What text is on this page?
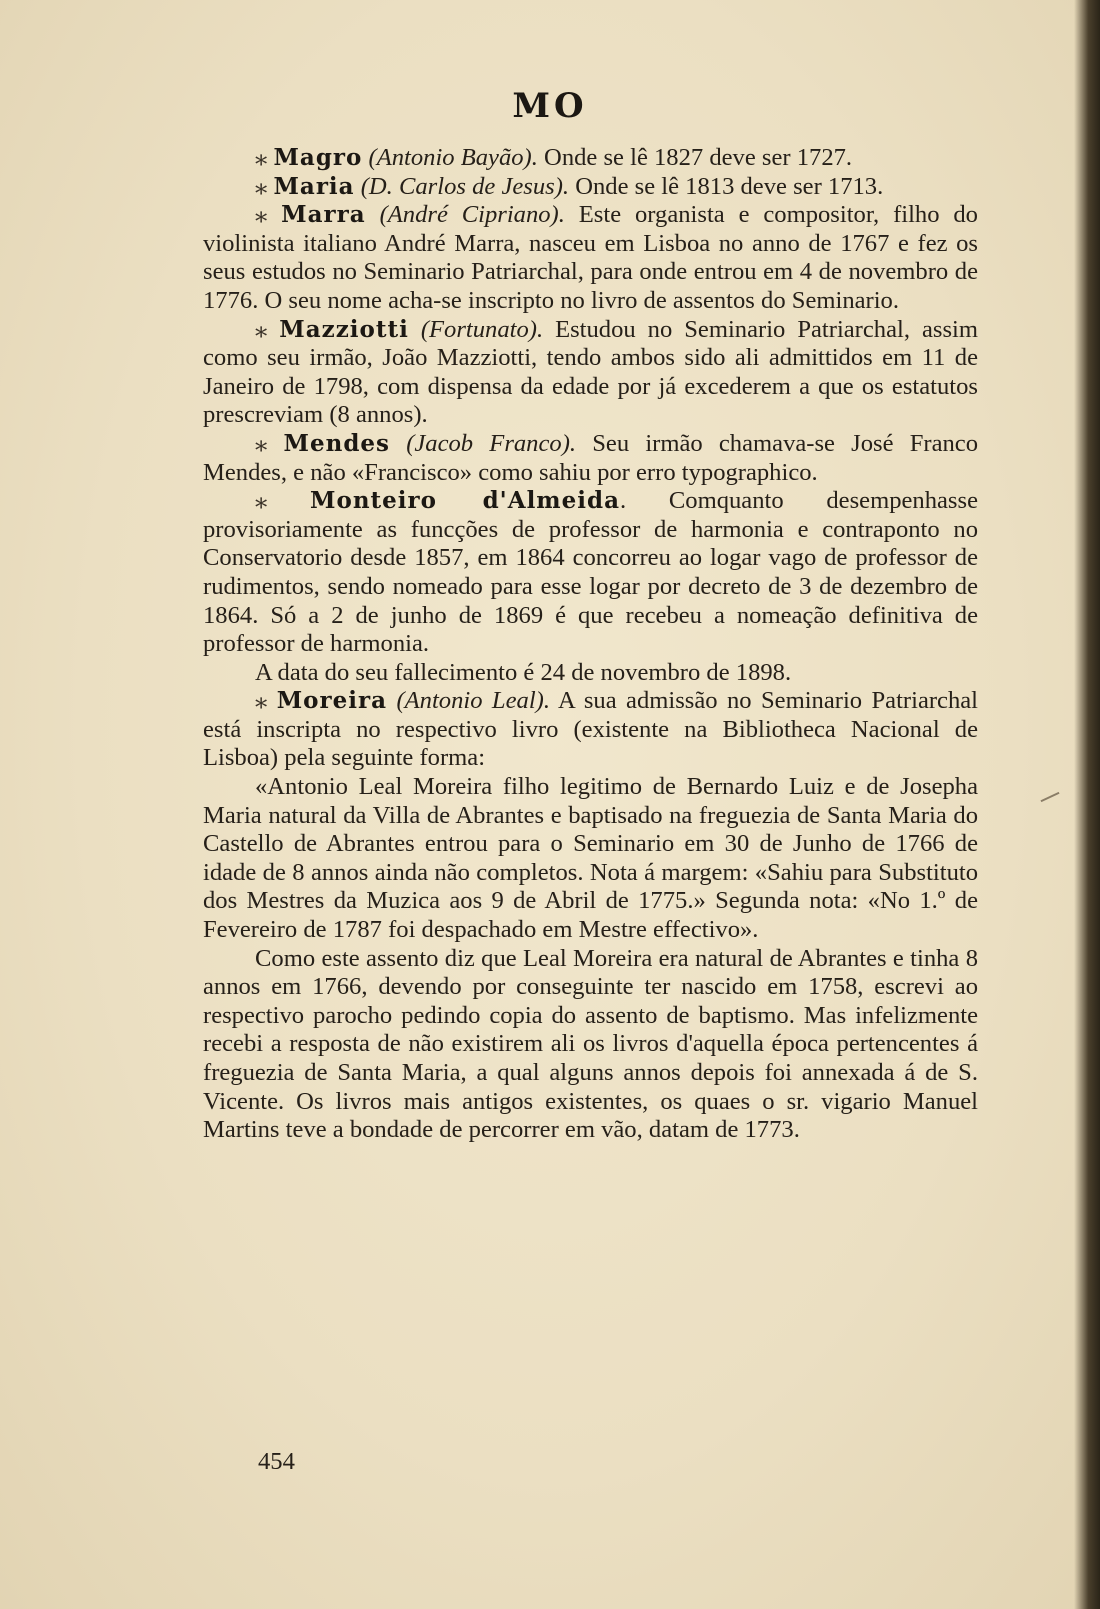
MO

⁎ Magro (Antonio Bayão). Onde se lê 1827 deve ser 1727.

⁎ Maria (D. Carlos de Jesus). Onde se lê 1813 deve ser 1713.

⁎ Marra (André Cipriano). Este organista e compositor, filho do violinista italiano André Marra, nasceu em Lisboa no anno de 1767 e fez os seus estudos no Seminario Patriarchal, para onde entrou em 4 de novembro de 1776. O seu nome acha-se inscripto no livro de assentos do Seminario.

⁎ Mazziotti (Fortunato). Estudou no Seminario Patriarchal, assim como seu irmão, João Mazziotti, tendo ambos sido ali admittidos em 11 de Janeiro de 1798, com dispensa da edade por já excederem a que os estatutos prescreviam (8 annos).

⁎ Mendes (Jacob Franco). Seu irmão chamava-se José Franco Mendes, e não «Francisco» como sahiu por erro typographico.

⁎ Monteiro d'Almeida. Comquanto desempenhasse provisoriamente as funcções de professor de harmonia e contraponto no Conservatorio desde 1857, em 1864 concorreu ao logar vago de professor de rudimentos, sendo nomeado para esse logar por decreto de 3 de dezembro de 1864. Só a 2 de junho de 1869 é que recebeu a nomeação definitiva de professor de harmonia.

A data do seu fallecimento é 24 de novembro de 1898.

⁎ Moreira (Antonio Leal). A sua admissão no Seminario Patriarchal está inscripta no respectivo livro (existente na Bibliotheca Nacional de Lisboa) pela seguinte forma:

«Antonio Leal Moreira filho legitimo de Bernardo Luiz e de Josepha Maria natural da Villa de Abrantes e baptisado na freguezia de Santa Maria do Castello de Abrantes entrou para o Seminario em 30 de Junho de 1766 de idade de 8 annos ainda não completos. Nota á margem: «Sahiu para Substituto dos Mestres da Muzica aos 9 de Abril de 1775.» Segunda nota: «No 1.º de Fevereiro de 1787 foi despachado em Mestre effectivo».

Como este assento diz que Leal Moreira era natural de Abrantes e tinha 8 annos em 1766, devendo por conseguinte ter nascido em 1758, escrevi ao respectivo parocho pedindo copia do assento de baptismo. Mas infelizmente recebi a resposta de não existirem ali os livros d'aquella época pertencentes á freguezia de Santa Maria, a qual alguns annos depois foi annexada á de S. Vicente. Os livros mais antigos existentes, os quaes o sr. vigario Manuel Martins teve a bondade de percorrer em vão, datam de 1773.

454
